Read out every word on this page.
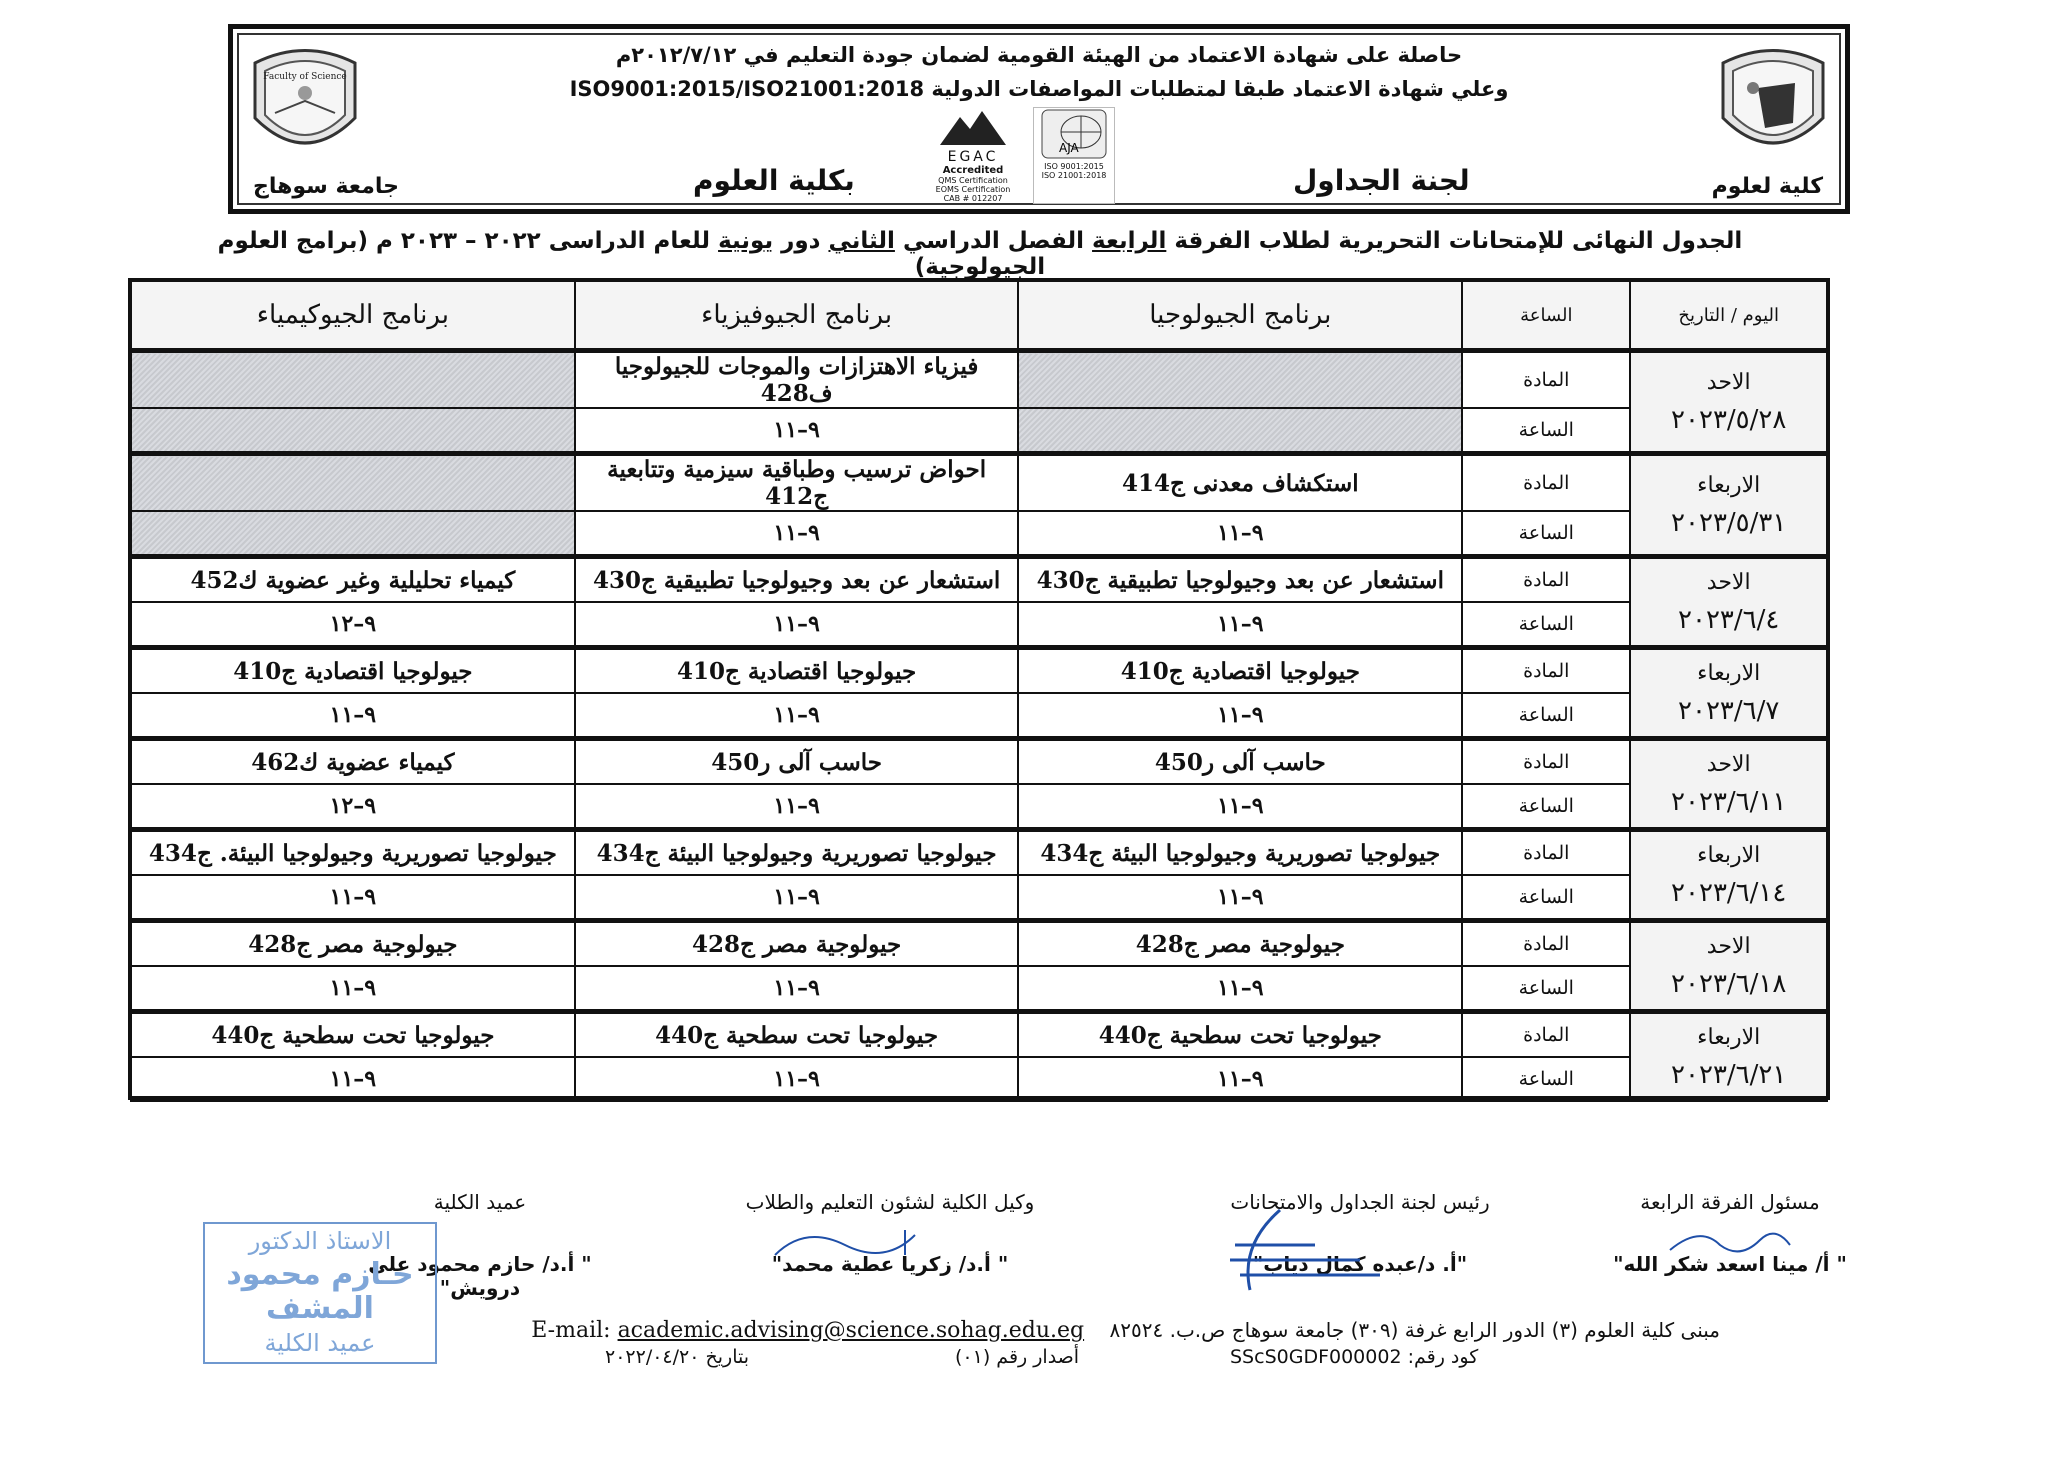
Faculty of Science
جامعة سوهاج	كلية لعلوم
حاصلة على شهادة الاعتماد من الهيئة القومية لضمان جودة التعليم في ٢٠١٢/٧/١٢م
وعلي شهادة الاعتماد طبقا لمتطلبات المواصفات الدولية ISO9001:2015/ISO21001:2018
EGAC
Accredited
QMS Certification
EOMS Certification
CAB # 012207
AJA
ISO 9001:2015
ISO 21001:2018
بكلية العلوم	لجنة الجداول
الجدول النهائى للإمتحانات التحريرية لطلاب الفرقة الرابعة الفصل الدراسي الثاني دور يونية للعام الدراسى ٢٠٢٢ – ٢٠٢٣ م (برامج العلوم الجيولوجية)
اليوم / التاريخ	الساعة	برنامج الجيولوجيا	برنامج الجيوفيزياء	برنامج الجيوكيمياء

الاحد
٢٠٢٣/٥/٢٨	المادة		فيزياء الاهتزازات والموجات للجيولوجيا ف428	
	الساعة		٩–١١	

الاربعاء
٢٠٢٣/٥/٣١	المادة	استكشاف معدنى ج414	احواض ترسيب وطباقية سيزمية وتتابعية ج412	
	الساعة	٩–١١	٩–١١	

الاحد
٢٠٢٣/٦/٤	المادة	استشعار عن بعد وجيولوجيا تطبيقية ج430	استشعار عن بعد وجيولوجيا تطبيقية ج430	كيمياء تحليلية وغير عضوية ك452
	الساعة	٩–١١	٩–١١	٩–١٢

الاربعاء
٢٠٢٣/٦/٧	المادة	جيولوجيا اقتصادية ج410	جيولوجيا اقتصادية ج410	جيولوجيا اقتصادية ج410
	الساعة	٩–١١	٩–١١	٩–١١

الاحد
٢٠٢٣/٦/١١	المادة	حاسب آلى ر450	حاسب آلى ر450	كيمياء عضوية ك462
	الساعة	٩–١١	٩–١١	٩–١٢

الاربعاء
٢٠٢٣/٦/١٤	المادة	جيولوجيا تصوريرية وجيولوجيا البيئة ج434	جيولوجيا تصوريرية وجيولوجيا البيئة ج434	جيولوجيا تصوريرية وجيولوجيا البيئة. ج434
	الساعة	٩–١١	٩–١١	٩–١١

الاحد
٢٠٢٣/٦/١٨	المادة	جيولوجية مصر ج428	جيولوجية مصر ج428	جيولوجية مصر ج428
	الساعة	٩–١١	٩–١١	٩–١١

الاربعاء
٢٠٢٣/٦/٢١	المادة	جيولوجيا تحت سطحية ج440	جيولوجيا تحت سطحية ج440	جيولوجيا تحت سطحية ج440
	الساعة	٩–١١	٩–١١	٩–١١
مسئول الفرقة الرابعة
" أ/ مينا اسعد شكر الله"
رئيس لجنة الجداول والامتحانات
"أ. د/عبده كمال دياب"
وكيل الكلية لشئون التعليم والطلاب
" أ.د/ زكريا عطية محمد"
عميد الكلية
" أ.د/ حازم محمود على درويش"
الاستاذ الدكتور
حـازم محمود المشف
عميد الكلية	مبنى كلية العلوم (٣) الدور الرابع غرفة (٣٠٩) جامعة سوهاج ص.ب. ٨٢٥٢٤    E-mail: academic.advising@science.sohag.edu.eg
كود رقم: SScS0GDF000002
أصدار رقم (٠١)
بتاريخ ٢٠٢٢/٠٤/٢٠
